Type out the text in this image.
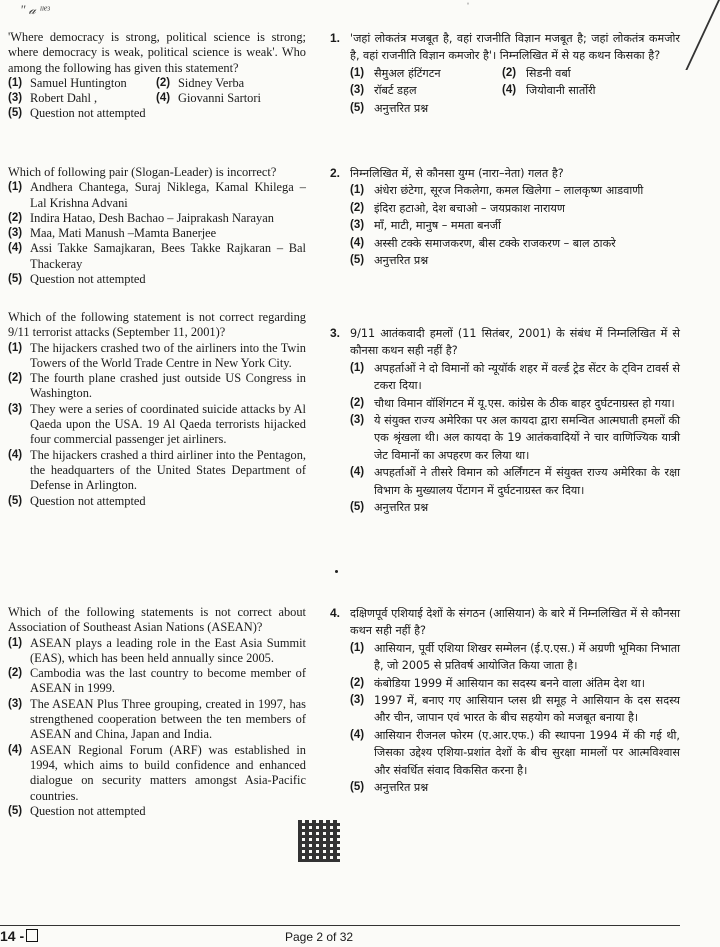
ʺ 𝒶 ᶦᶦᵉᵌ	ˈ
'Where democracy is strong, political science is strong; where democracy is weak, political science is weak'. Who among the following has given this statement?
(1) Samuel Huntington	(2) Sidney Verba
(3) Robert Dahl ,	(4) Giovanni Sartori
(5) Question not attempted
Which of following pair (Slogan-Leader) is incorrect?
(1) Andhera Chantega, Suraj Niklega, Kamal Khilega – Lal Krishna Advani
(2) Indira Hatao, Desh Bachao – Jaiprakash Narayan
(3) Maa, Mati Manush –Mamta Banerjee
(4) Assi Takke Samajkaran, Bees Takke Rajkaran – Bal Thackeray
(5) Question not attempted
Which of the following statement is not correct regarding 9/11 terrorist attacks (September 11, 2001)?
(1) The hijackers crashed two of the airliners into the Twin Towers of the World Trade Centre in New York City.
(2) The fourth plane crashed just outside US Congress in Washington.
(3) They were a series of coordinated suicide attacks by Al Qaeda upon the USA. 19 Al Qaeda terrorists hijacked four commercial passenger jet airliners.
(4) The hijackers crashed a third airliner into the Pentagon, the headquarters of the United States Department of Defense in Arlington.
(5) Question not attempted
Which of the following statements is not correct about Association of Southeast Asian Nations (ASEAN)?
(1) ASEAN plays a leading role in the East Asia Summit (EAS), which has been held annually since 2005.
(2) Cambodia was the last country to become member of ASEAN in 1999.
(3) The ASEAN Plus Three grouping, created in 1997, has strengthened cooperation between the ten members of ASEAN and China, Japan and India.
(4) ASEAN Regional Forum (ARF) was established in 1994, which aims to build confidence and enhanced dialogue on security matters amongst Asia-Pacific countries.
(5) Question not attempted
1. 'जहां लोकतंत्र मजबूत है, वहां राजनीति विज्ञान मजबूत है; जहां लोकतंत्र कमजोर है, वहां राजनीति विज्ञान कमजोर है'। निम्नलिखित में से यह कथन किसका है?
(1) सैमुअल हंटिंगटन	(2) सिडनी वर्बा
(3) रॉबर्ट डहल	(4) जियोवानी सार्तोरी
(5) अनुत्तरित प्रश्न
2. निम्नलिखित में, से कौनसा युग्म (नारा–नेता) गलत है?
(1) अंधेरा छंटेगा, सूरज निकलेगा, कमल खिलेगा – लालकृष्ण आडवाणी
(2) इंदिरा हटाओ, देश बचाओ – जयप्रकाश नारायण
(3) माँ, माटी, मानुष – ममता बनर्जी
(4) अस्सी टक्के समाजकरण, बीस टक्के राजकरण – बाल ठाकरे
(5) अनुत्तरित प्रश्न
3. 9/11 आतंकवादी हमलों (11 सितंबर, 2001) के संबंध में निम्नलिखित में से कौनसा कथन सही नहीं है?
(1) अपहर्ताओं ने दो विमानों को न्यूयॉर्क शहर में वर्ल्ड ट्रेड सेंटर के ट्विन टावर्स से टकरा दिया।
(2) चौथा विमान वॉशिंगटन में यू.एस. कांग्रेस के ठीक बाहर दुर्घटनाग्रस्त हो गया।
(3) ये संयुक्त राज्य अमेरिका पर अल कायदा द्वारा समन्वित आत्मघाती हमलों की एक श्रृंखला थी। अल कायदा के 19 आतंकवादियों ने चार वाणिज्यिक यात्री जेट विमानों का अपहरण कर लिया था।
(4) अपहर्ताओं ने तीसरे विमान को अर्लिंगटन में संयुक्त राज्य अमेरिका के रक्षा विभाग के मुख्यालय पेंटागन में दुर्घटनाग्रस्त कर दिया।
(5) अनुत्तरित प्रश्न
4. दक्षिणपूर्व एशियाई देशों के संगठन (आसियान) के बारे में निम्नलिखित में से कौनसा कथन सही नहीं है?
(1) आसियान, पूर्वी एशिया शिखर सम्मेलन (ई.ए.एस.) में अग्रणी भूमिका निभाता है, जो 2005 से प्रतिवर्ष आयोजित किया जाता है।
(2) कंबोडिया 1999 में आसियान का सदस्य बनने वाला अंतिम देश था।
(3) 1997 में, बनाए गए आसियान प्लस थ्री समूह ने आसियान के दस सदस्य और चीन, जापान एवं भारत के बीच सहयोग को मजबूत बनाया है।
(4) आसियान रीजनल फोरम (ए.आर.एफ.) की स्थापना 1994 में की गई थी, जिसका उद्देश्य एशिया-प्रशांत देशों के बीच सुरक्षा मामलों पर आत्मविश्वास और संवर्धित संवाद विकसित करना है।
(5) अनुत्तरित प्रश्न
14 -	Page 2 of 32
